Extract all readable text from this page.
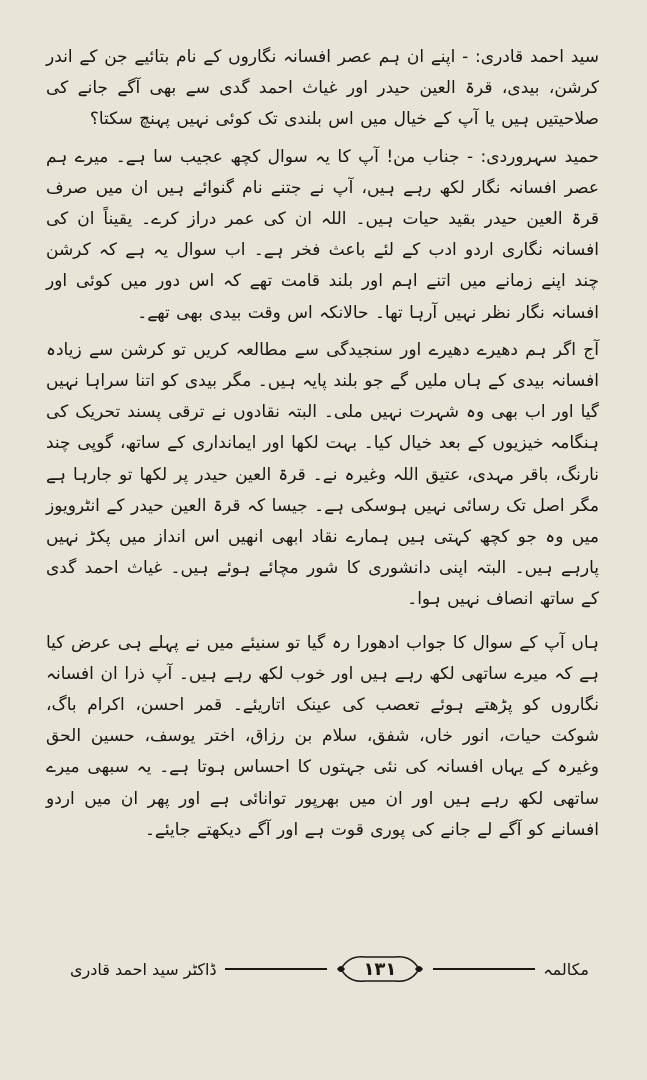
سید احمد قادری: - اپنے ان ہم عصر افسانہ نگاروں کے نام بتائیے جن کے اندر کرشن، بیدی، قرۃ العین حیدر اور غیاث احمد گدی سے بھی آگے جانے کی صلاحیتیں ہیں یا آپ کے خیال میں اس بلندی تک کوئی نہیں پہنچ سکتا؟

حمید سہروردی: - جناب من! آپ کا یہ سوال کچھ عجیب سا ہے۔ میرے ہم عصر افسانہ نگار لکھ رہے ہیں، آپ نے جتنے نام گنوائے ہیں ان میں صرف قرۃ العین حیدر بقید حیات ہیں۔ اللہ ان کی عمر دراز کرے۔ یقیناً ان کی افسانہ نگاری اردو ادب کے لئے باعث فخر ہے۔ اب سوال یہ ہے کہ کرشن چند اپنے زمانے میں اتنے اہم اور بلند قامت تھے کہ اس دور میں کوئی اور افسانہ نگار نظر نہیں آرہا تھا۔ حالانکہ اس وقت بیدی بھی تھے۔

آج اگر ہم دھیرے دھیرے اور سنجیدگی سے مطالعہ کریں تو کرشن سے زیادہ افسانہ بیدی کے ہاں ملیں گے جو بلند پایہ ہیں۔ مگر بیدی کو اتنا سراہا نہیں گیا اور اب بھی وہ شہرت نہیں ملی۔ البتہ نقادوں نے ترقی پسند تحریک کی ہنگامہ خیزیوں کے بعد خیال کیا۔ بہت لکھا اور ایمانداری کے ساتھ، گوپی چند نارنگ، باقر مہدی، عتیق اللہ وغیرہ نے۔ قرۃ العین حیدر پر لکھا تو جارہا ہے مگر اصل تک رسائی نہیں ہوسکی ہے۔ جیسا کہ قرۃ العین حیدر کے انٹرویوز میں وہ جو کچھ کہتی ہیں ہمارے نقاد ابھی انھیں اس انداز میں پکڑ نہیں پارہے ہیں۔ البتہ اپنی دانشوری کا شور مچائے ہوئے ہیں۔ غیاث احمد گدی کے ساتھ انصاف نہیں ہوا۔

ہاں آپ کے سوال کا جواب ادھورا رہ گیا تو سنیئے میں نے پہلے ہی عرض کیا ہے کہ میرے ساتھی لکھ رہے ہیں اور خوب لکھ رہے ہیں۔ آپ ذرا ان افسانہ نگاروں کو پڑھتے ہوئے تعصب کی عینک اتاریئے۔ قمر احسن، اکرام باگ، شوکت حیات، انور خاں، شفق، سلام بن رزاق، اختر یوسف، حسین الحق وغیرہ کے یہاں افسانہ کی نئی جہتوں کا احساس ہوتا ہے۔ یہ سبھی میرے ساتھی لکھ رہے ہیں اور ان میں بھرپور توانائی ہے اور پھر ان میں اردو افسانے کو آگے لے جانے کی پوری قوت ہے اور آگے دیکھتے جایئے۔

مکالمہ
۱۳۱
ڈاکٹر سید احمد قادری
